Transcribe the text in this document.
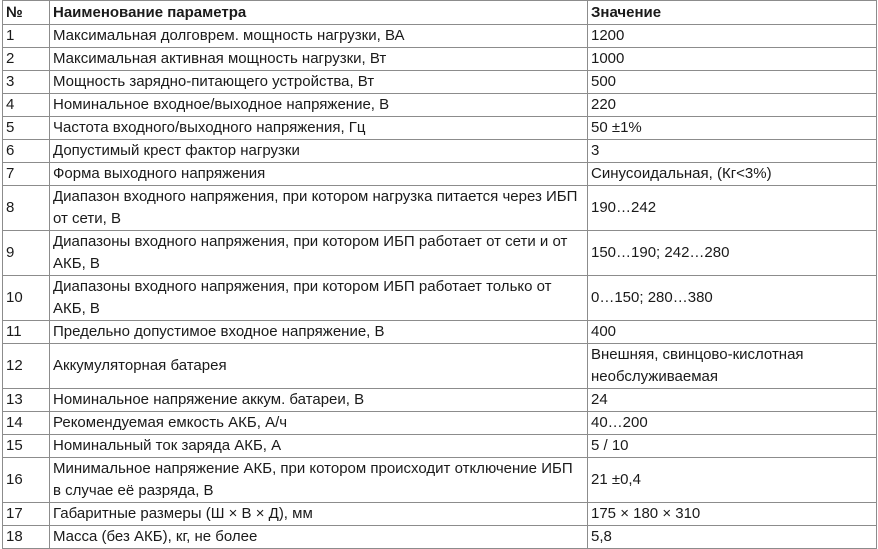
№	Наименование параметра	Значение
1	Максимальная долговрем. мощность нагрузки, ВА	1200
2	Максимальная активная мощность нагрузки, Вт	1000
3	Мощность зарядно-питающего устройства, Вт	500
4	Номинальное входное/выходное напряжение, В	220
5	Частота входного/выходного напряжения, Гц	50 ±1%
6	Допустимый крест фактор нагрузки	3
7	Форма выходного напряжения	Синусоидальная, (Кг<3%)
8	Диапазон входного напряжения, при котором нагрузка питается через ИБП от сети, В	190…242
9	Диапазоны входного напряжения, при котором ИБП работает от сети и от АКБ, В	150…190; 242…280
10	Диапазоны входного напряжения, при котором ИБП работает только от АКБ, В	0…150; 280…380
11	Предельно допустимое входное напряжение, В	400
12	Аккумуляторная батарея	Внешняя, свинцово-кислотная необслуживаемая
13	Номинальное напряжение аккум. батареи, В	24
14	Рекомендуемая емкость АКБ, А/ч	40…200
15	Номинальный ток заряда АКБ, А	5 / 10
16	Минимальное напряжение АКБ, при котором происходит отключение ИБП в случае её разряда, В	21 ±0,4
17	Габаритные размеры (Ш × В × Д), мм	175 × 180 × 310
18	Масса (без АКБ), кг, не более	5,8
